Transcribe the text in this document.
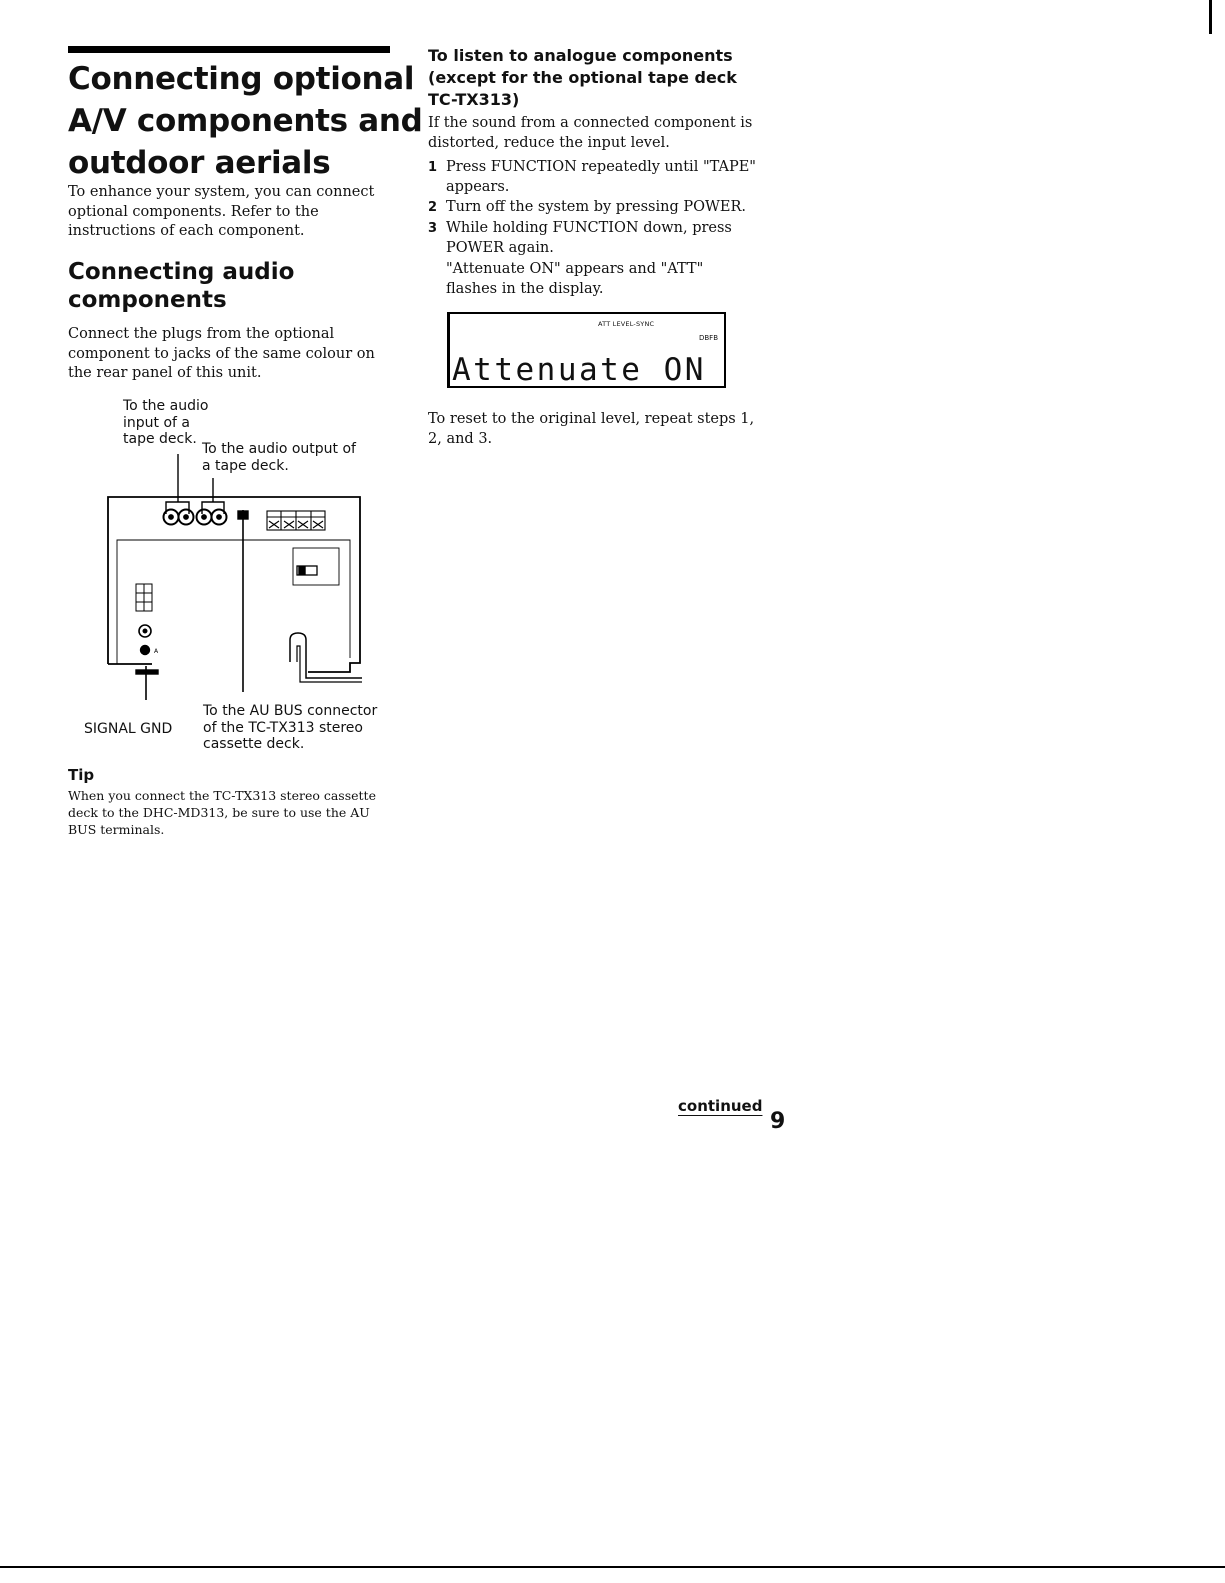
Connecting optional
A/V components and
outdoor aerials
To enhance your system, you can connect optional components. Refer to the instructions of each component.
Connecting audio
components
Connect the plugs from the optional component to jacks of the same colour on the rear panel of this unit.
To the audio
input of a
tape deck.
To the audio output of
a tape deck.
SIGNAL GND
To the AU BUS connector
of the TC-TX313 stereo
cassette deck.
A
Tip
When you connect the TC-TX313 stereo cassette deck to the DHC-MD313, be sure to use the AU BUS terminals.
To listen to analogue components
(except for the optional tape deck
TC-TX313)
If the sound from a connected component is distorted, reduce the input level.
1 Press FUNCTION repeatedly until "TAPE" appears.
2 Turn off the system by pressing POWER.
3 While holding FUNCTION down, press POWER again.
"Attenuate ON" appears and "ATT" flashes in the display.
ATT LEVEL-SYNC
DBFB
Attenuate ON
To reset to the original level, repeat steps 1, 2, and 3.
continued
9
